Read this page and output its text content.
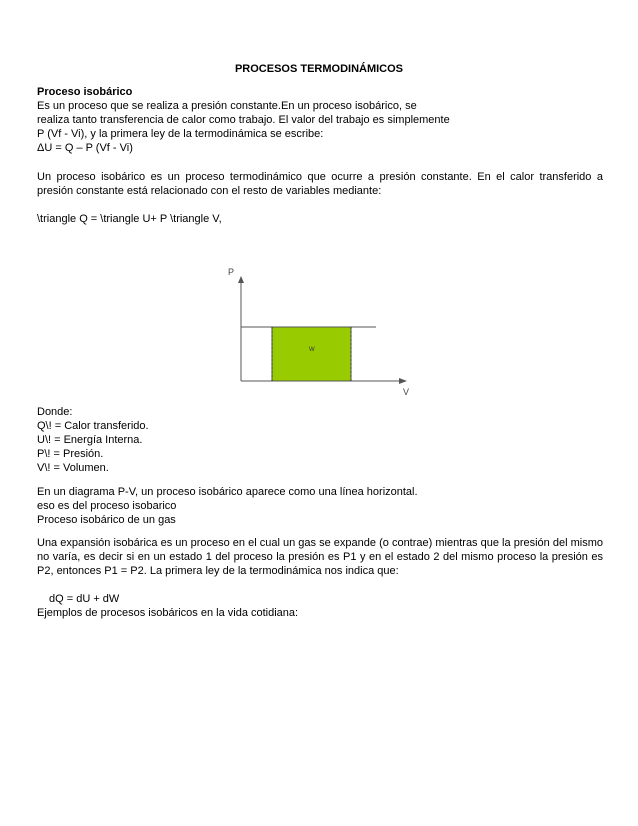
PROCESOS TERMODINÁMICOS
Proceso isobárico
Es un proceso que se realiza a presión constante.En un proceso isobárico, se
realiza tanto transferencia de calor como trabajo. El valor del trabajo es simplemente
P (Vf - Vi), y la primera ley de la termodinámica se escribe:
ΔU = Q – P (Vf - Vi)
Un proceso isobárico es un proceso termodinámico que ocurre a presión constante. En el calor transferido a presión constante está relacionado con el resto de variables mediante:
\triangle Q = \triangle U+ P \triangle V,
P
V
W
Donde:
Q\! = Calor transferido.
U\! = Energía Interna.
P\! = Presión.
V\! = Volumen.
En un diagrama P-V, un proceso isobárico aparece como una línea horizontal.
eso es del proceso isobarico
Proceso isobárico de un gas
Una expansión isobárica es un proceso en el cual un gas se expande (o contrae) mientras que la presión del mismo no varía, es decir si en un estado 1 del proceso la presión es P1 y en el estado 2 del mismo proceso la presión es P2, entonces P1 = P2. La primera ley de la termodinámica nos indica que:
dQ = dU + dW
Ejemplos de procesos isobáricos en la vida cotidiana:
